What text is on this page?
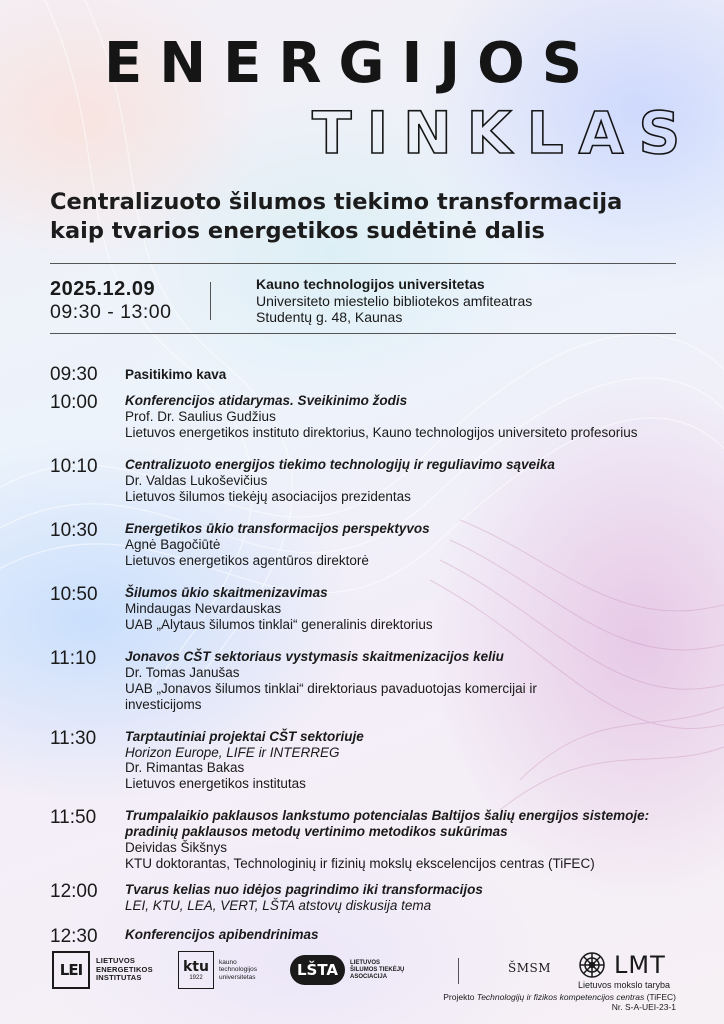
ENERGIJOS
TINKLAS
Centralizuoto šilumos tiekimo transformacija
kaip tvarios energetikos sudėtinė dalis
2025.12.09
09:30 - 13:00
Kauno technologijos universitetas
Universiteto miestelio bibliotekos amfiteatras
Studentų g. 48, Kaunas
09:30 Pasitikimo kava
10:00 Konferencijos atidarymas. Sveikinimo žodis
Prof. Dr. Saulius Gudžius
Lietuvos energetikos instituto direktorius, Kauno technologijos universiteto profesorius
10:10 Centralizuoto energijos tiekimo technologijų ir reguliavimo sąveika
Dr. Valdas Lukoševičius
Lietuvos šilumos tiekėjų asociacijos prezidentas
10:30 Energetikos ūkio transformacijos perspektyvos
Agnė Bagočiūtė
Lietuvos energetikos agentūros direktorė
10:50 Šilumos ūkio skaitmenizavimas
Mindaugas Nevardauskas
UAB „Alytaus šilumos tinklai“ generalinis direktorius
11:10 Jonavos CŠT sektoriaus vystymasis skaitmenizacijos keliu
Dr. Tomas Janušas
UAB „Jonavos šilumos tinklai“ direktoriaus pavaduotojas komercijai ir investicijoms
11:30 Tarptautiniai projektai CŠT sektoriuje
Horizon Europe, LIFE ir INTERREG
Dr. Rimantas Bakas
Lietuvos energetikos institutas
11:50 Trumpalaikio paklausos lankstumo potencialas Baltijos šalių energijos sistemoje: pradinių paklausos metodų vertinimo metodikos sukūrimas
Deividas Šikšnys
KTU doktorantas, Technologinių ir fizinių mokslų ekscelencijos centras (TiFEC)
12:00 Tvarus kelias nuo idėjos pagrindimo iki transformacijos
LEI, KTU, LEA, VERT, LŠTA atstovų diskusija tema
12:30 Konferencijos apibendrinimas
LEI
LIETUVOS
ENERGETIKOS
INSTITUTAS
ktu
1922
kauno
technologijos
universitetas	LŠTA	LIETUVOS
ŠILUMOS TIEKĖJŲ
ASOCIACIJA
ŠMSM	LMT
Lietuvos mokslo taryba
Projekto Technologijų ir fizikos kompetencijos centras (TiFEC)
Nr. S-A-UEI-23-1
